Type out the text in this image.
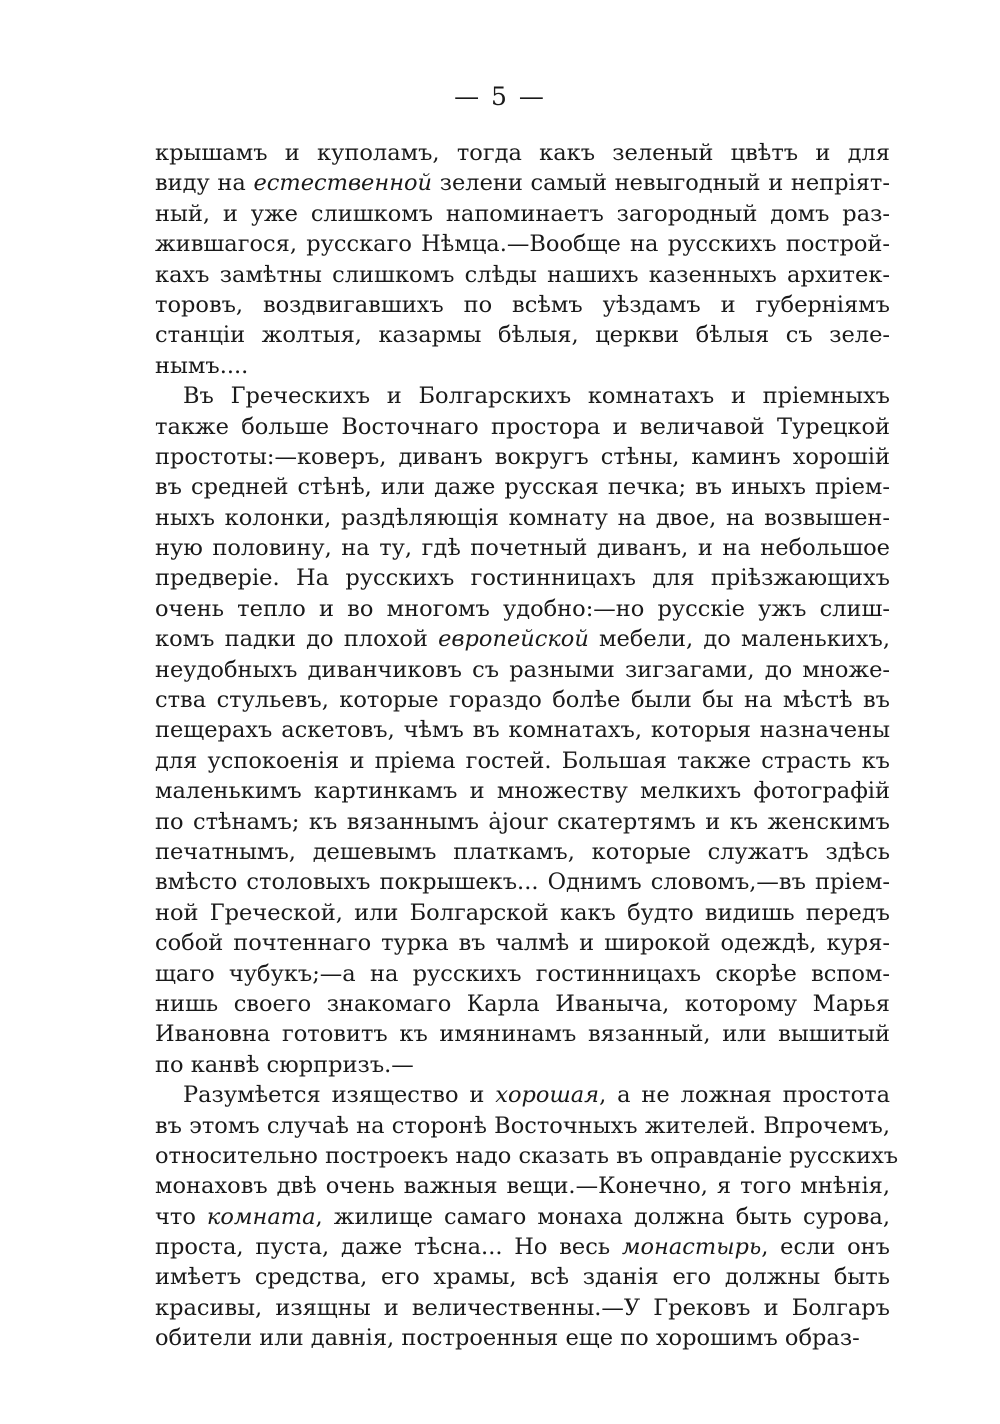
— 5 —
крышамъ и куполамъ, тогда какъ зеленый цвѣтъ и для
виду на естественной зелени самый невыгодный и непріят-
ный, и уже слишкомъ напоминаетъ загородный домъ раз-
жившагося, русскаго Нѣмца.—Вообще на русскихъ построй-
кахъ замѣтны слишкомъ слѣды нашихъ казенныхъ архитек-
торовъ, воздвигавшихъ по всѣмъ уѣздамъ и губерніямъ
станціи жолтыя, казармы бѣлыя, церкви бѣлыя съ зеле-
нымъ....
Въ Греческихъ и Болгарскихъ комнатахъ и пріемныхъ
также больше Восточнаго простора и величавой Турецкой
простоты:—коверъ, диванъ вокругъ стѣны, каминъ хорошій
въ средней стѣнѣ, или даже русская печка; въ иныхъ пріем-
ныхъ колонки, раздѣляющія комнату на двое, на возвышен-
ную половину, на ту, гдѣ почетный диванъ, и на небольшое
предверіе. На русскихъ гостинницахъ для пріѣзжающихъ
очень тепло и во многомъ удобно:—но русскіе ужъ слиш-
комъ падки до плохой европейской мебели, до маленькихъ,
неудобныхъ диванчиковъ съ разными зигзагами, до множе-
ства стульевъ, которые гораздо болѣе были бы на мѣстѣ въ
пещерахъ аскетовъ, чѣмъ въ комнатахъ, которыя назначены
для успокоенія и пріема гостей. Большая также страсть къ
маленькимъ картинкамъ и множеству мелкихъ фотографій
по стѣнамъ; къ вязаннымъ ȧjour скатертямъ и къ женскимъ
печатнымъ, дешевымъ платкамъ, которые служатъ здѣсь
вмѣсто столовыхъ покрышекъ... Однимъ словомъ,—въ пріем-
ной Греческой, или Болгарской какъ будто видишь передъ
собой почтеннаго турка въ чалмѣ и широкой одеждѣ, куря-
щаго чубукъ;—а на русскихъ гостинницахъ скорѣе вспом-
нишь своего знакомаго Карла Иваныча, которому Марья
Ивановна готовитъ къ имянинамъ вязанный, или вышитый
по канвѣ сюрпризъ.—
Разумѣется изящество и хорошая, а не ложная простота
въ этомъ случаѣ на сторонѣ Восточныхъ жителей. Впрочемъ,
относительно построекъ надо сказать въ оправданіе русскихъ
монаховъ двѣ очень важныя вещи.—Конечно, я того мнѣнія,
что комната, жилище самаго монаха должна быть сурова,
проста, пуста, даже тѣсна... Но весь монастырь, если онъ
имѣетъ средства, его храмы, всѣ зданія его должны быть
красивы, изящны и величественны.—У Грековъ и Болгаръ
обители или давнія, построенныя еще по хорошимъ образ-
